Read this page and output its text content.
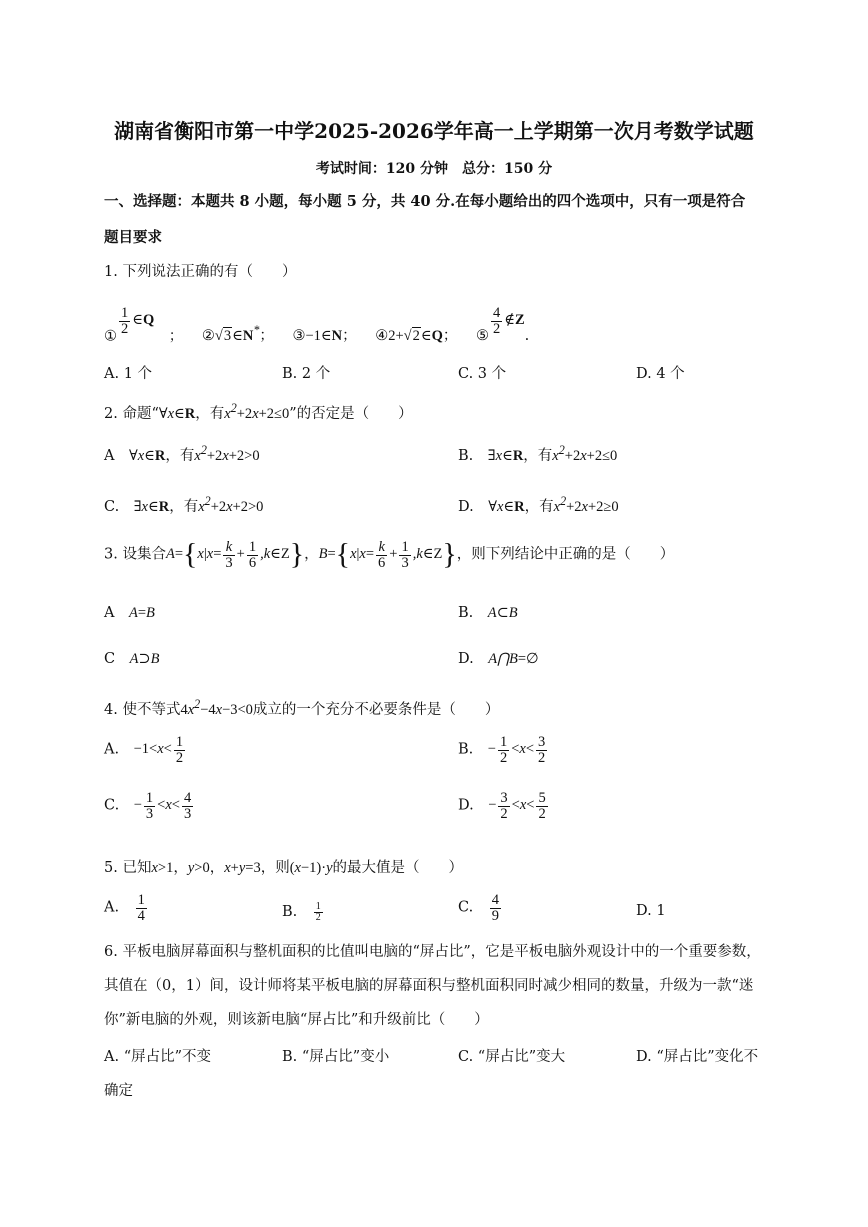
湖南省衡阳市第一中学2025-2026学年高一上学期第一次月考数学试题
考试时间：120 分钟　总分：150 分
一、选择题：本题共 8 小题，每小题 5 分，共 40 分.在每小题给出的四个选项中，只有一项是符合
题目要求
1. 下列说法正确的有（　　）
①
$\frac{1}{2}$ ∈Q　； ②√3∈N*； ③−1∈N； ④2+√2∈Q； ⑤
$\frac{4}{2}$ ∉Z.
A. 1 个	B. 2 个	C. 3 个	D. 4 个
2. 命题“∀x∈R，有$x^2+2x+2\le 0$”的否定是（　　）
A　 ∀x∈R，有$x^2+2x+2>0$	B.　 ∃x∈R，有$x^2+2x+2\le 0$
C.　 ∃x∈R，有$x^2+2x+2>0$	D.　 ∀x∈R，有$x^2+2x+2\ge 0$
3. 设集合$A=\{x|x= \frac{k}{3} + \frac{1}{6}$ ,k∈Z}，$B=\{x|x= \frac{k}{6} + \frac{1}{3}$ ,k∈Z}，则下列结论中正确的是（　　）
A　 A=B	B.　 A⊂B
C　 A⊃B	D.　 A⋂B=∅
4. 使不等式$4x^2-4x-3<0$成立的一个充分不必要条件是（　　）
A.　 $-1<x< \frac{1}{2}$	B.　 − $\frac{1}{2} <x< \frac{3}{2}$
C.　 − $\frac{1}{3} <x< \frac{4}{3}$	D.　 − $\frac{3}{2} <x< \frac{5}{2}$
5. 已知x>1，y>0，x+y=3，则(x−1)·y的最大值是（　　）
A.　 $\frac{1}{4}$	B.　 $\frac{1}{2}$	C.　 $\frac{4}{9}$	D. 1
6. 平板电脑屏幕面积与整机面积的比值叫电脑的“屏占比”，它是平板电脑外观设计中的一个重要参数，其值在（0，1）间，设计师将某平板电脑的屏幕面积与整机面积同时减少相同的数量，升级为一款“迷你”新电脑的外观，则该新电脑“屏占比”和升级前比（　　）
A. “屏占比”不变	B. “屏占比”变小	C. “屏占比”变大	D. “屏占比”变化不
确定
